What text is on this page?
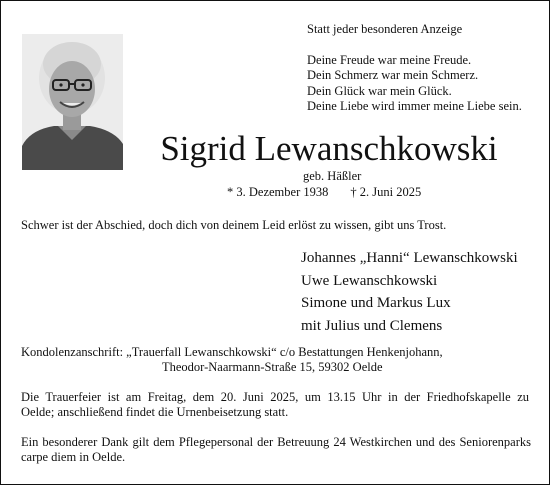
Statt jeder besonderen Anzeige
Deine Freude war meine Freude.
Dein Schmerz war mein Schmerz.
Dein Glück war mein Glück.
Deine Liebe wird immer meine Liebe sein.
Sigrid Lewanschkowski
geb. Häßler
* 3. Dezember 1938 † 2. Juni 2025
Schwer ist der Abschied, doch dich von deinem Leid erlöst zu wissen, gibt uns Trost.
Johannes „Hanni“ Lewanschkowski
Uwe Lewanschkowski
Simone und Markus Lux
mit Julius und Clemens
Kondolenzanschrift: „Trauerfall Lewanschkowski“ c/o Bestattungen Henkenjohann,
Theodor-Naarmann-Straße 15, 59302 Oelde
Die Trauerfeier ist am Freitag, dem 20. Juni 2025, um 13.15 Uhr in der Friedhofskapelle zu
Oelde; anschließend findet die Urnenbeisetzung statt.
Ein besonderer Dank gilt dem Pflegepersonal der Betreuung 24 Westkirchen und des Seniorenparks
carpe diem in Oelde.
